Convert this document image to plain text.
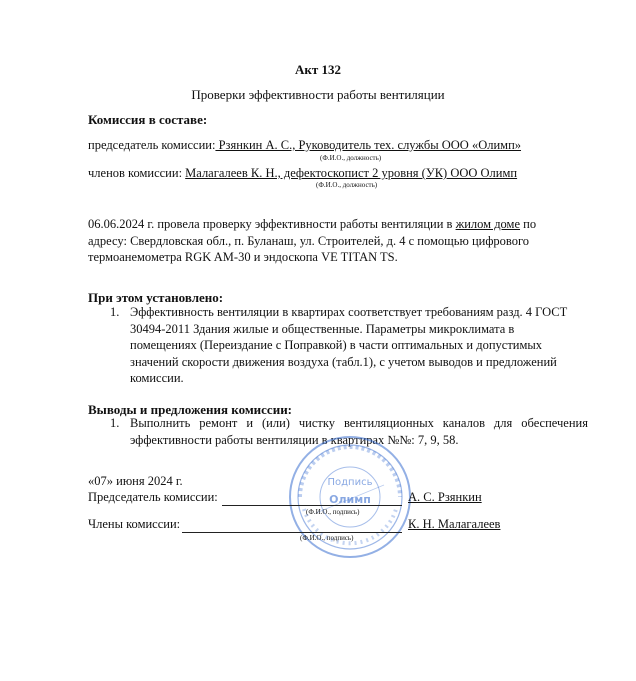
Акт 132
Проверки эффективности работы вентиляции
Комиссия в составе:
председатель комиссии: Рзянкин А. С., Руководитель тех. службы ООО «Олимп»
(Ф.И.О., должность)
членов комиссии: Малагалеев К. Н., дефектоскопист 2 уровня (УК) ООО Олимп
(Ф.И.О., должность)
06.06.2024 г. провела проверку эффективности работы вентиляции в жилом доме по
адресу: Свердловская обл., п. Буланаш, ул. Строителей, д. 4 с помощью цифрового
термоанемометра RGK AM-30 и эндоскопа VE TITAN TS.
При этом установлено:
1. Эффективность вентиляции в квартирах соответствует требованиям разд. 4 ГОСТ
30494-2011 Здания жилые и общественные. Параметры микроклимата в
помещениях (Переиздание с Поправкой) в части оптимальных и допустимых
значений скорости движения воздуха (табл.1), с учетом выводов и предложений
комиссии.
Выводы и предложения комиссии:
1. Выполнить ремонт и (или) чистку вентиляционных каналов для обеспечения
эффективности работы вентиляции в квартирах №№: 7, 9, 58.
Подпись
Олимп
«07» июня 2024 г.
Председатель комиссии:	А. С. Рзянкин
(Ф.И.О., подпись)
Члены комиссии:	К. Н. Малагалеев
(Ф.И.О., подпись)
